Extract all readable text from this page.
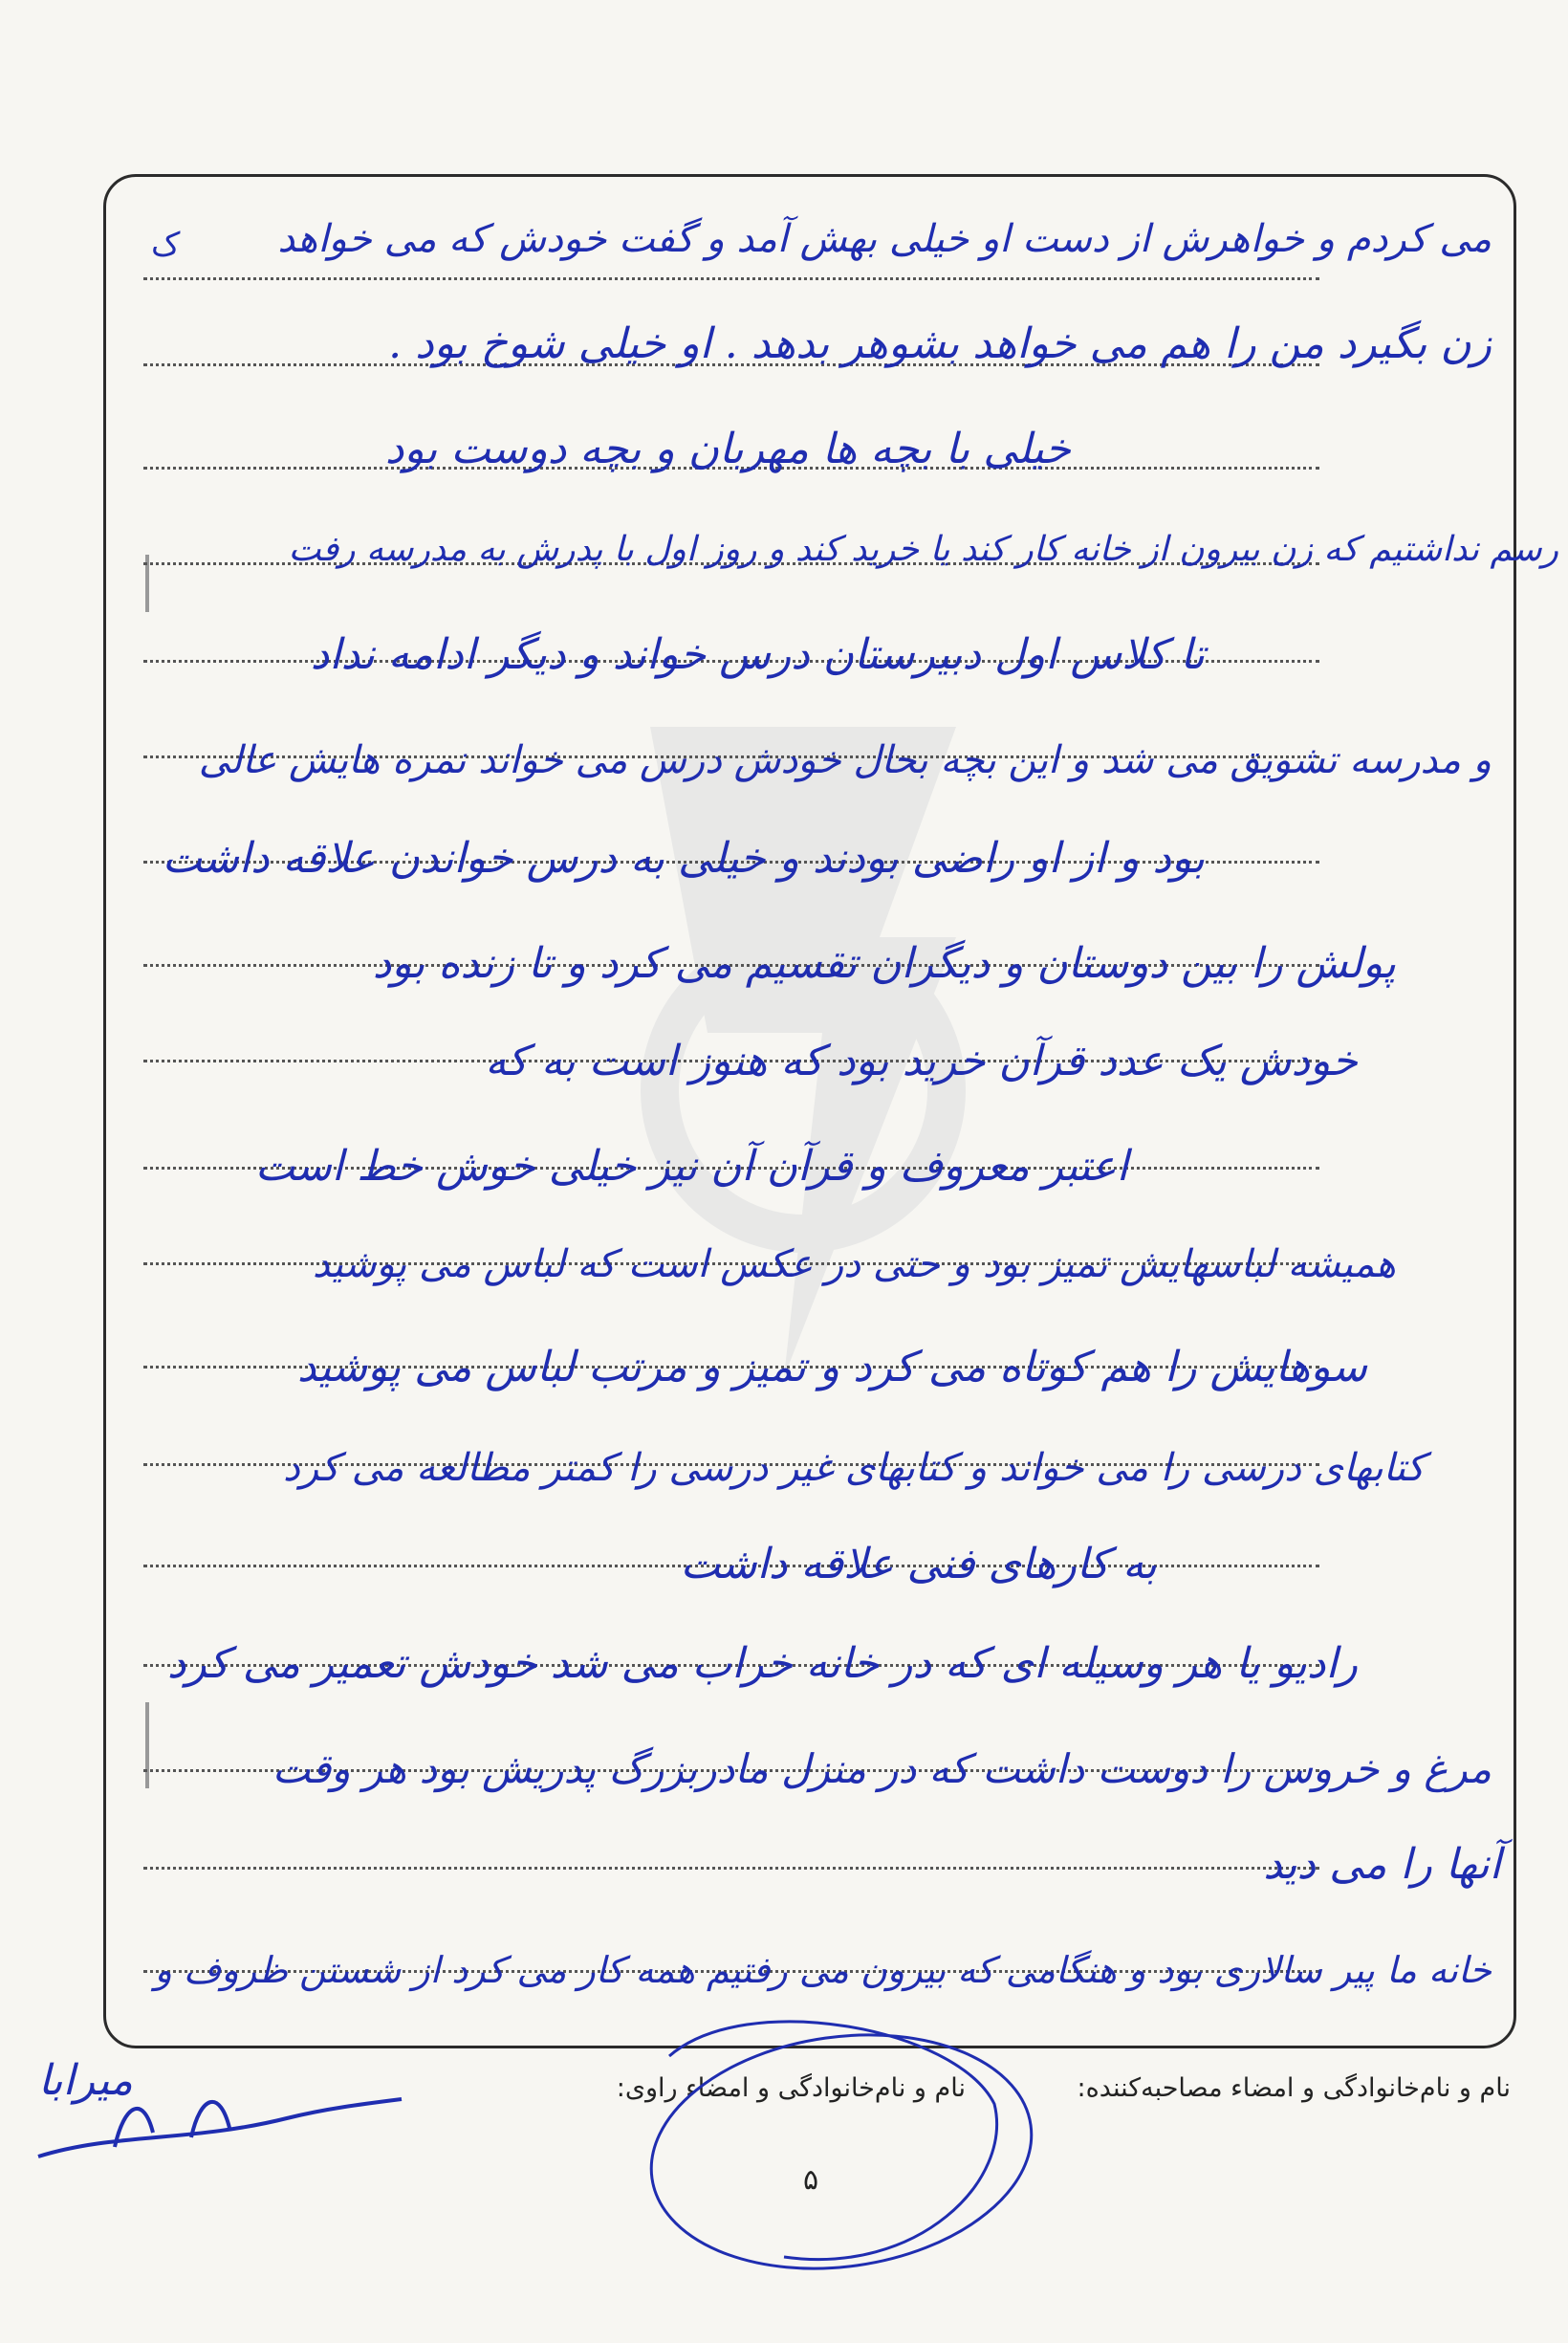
ک	می کردم و خواهرش از دست او خیلی بهش آمد و گفت خودش که می خواهد
زن بگیرد من را هم می خواهد بشوهر بدهد . او خیلی شوخ بود .
خیلی با بچه ها مهربان و بچه دوست بود
رسم نداشتیم که زن بیرون از خانه کار کند یا خرید کند و روز اول با پدرش به مدرسه رفت
تا کلاس اول دبیرستان درس خواند و دیگر ادامه نداد
و مدرسه تشویق می شد و این بچه بحال خودش درس می خواند نمره هایش عالی
بود و از او راضی بودند و خیلی به درس خواندن علاقه داشت
پولش را بین دوستان و دیگران تقسیم می کرد و تا زنده بود
خودش یک عدد قرآن خرید بود که هنوز است به که
اعتبر معروف و قرآن آن نیز خیلی خوش خط است
همیشه لباسهایش تمیز بود و حتی در عکس است که لباس می پوشید
سوهایش را هم کوتاه می کرد و تمیز و مرتب لباس می پوشید
کتابهای درسی را می خواند و کتابهای غیر درسی را کمتر مطالعه می کرد
به کارهای فنی علاقه داشت
رادیو یا هر وسیله ای که در خانه خراب می شد خودش تعمیر می کرد
مرغ و خروس را دوست داشت که در منزل مادربزرگ پدریش بود هر وقت
آنها را می دید
خانه ما پیر سالاری بود و هنگامی که بیرون می رفتیم همه کار می کرد از شستن ظروف و
نام و نام‌خانوادگی و امضاء مصاحبه‌کننده:
نام و نام‌خانوادگی و امضاء راوی:
میرابا
۵
